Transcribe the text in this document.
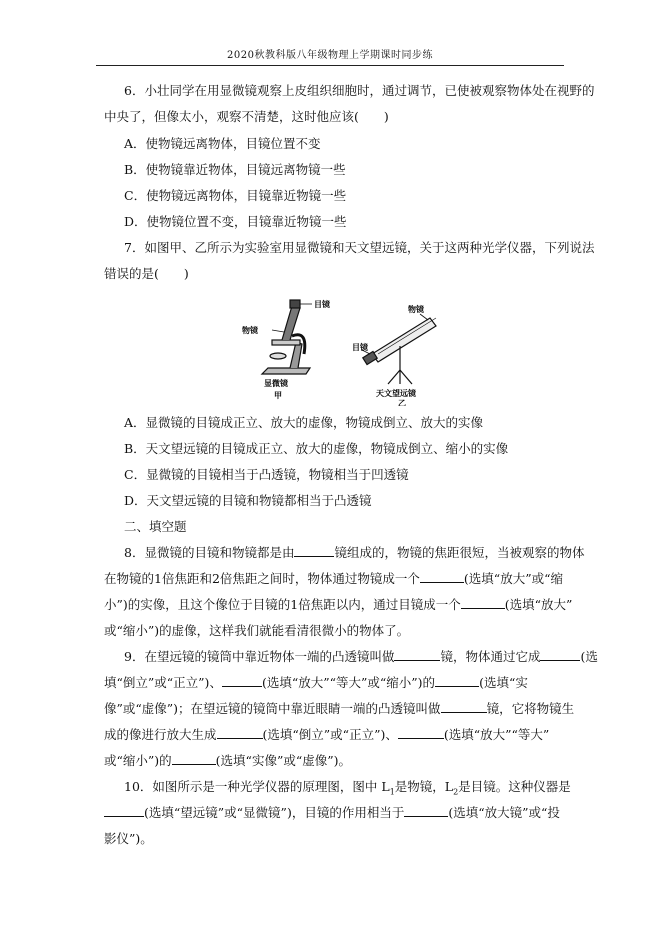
2020秋教科版八年级物理上学期课时同步练
6．小壮同学在用显微镜观察上皮组织细胞时，通过调节，已使被观察物体处在视野的
中央了，但像太小，观察不清楚，这时他应该(　　)
A．使物镜远离物体，目镜位置不变
B．使物镜靠近物体，目镜远离物镜一些
C．使物镜远离物体，目镜靠近物镜一些
D．使物镜位置不变，目镜靠近物镜一些
7．如图甲、乙所示为实验室用显微镜和天文望远镜，关于这两种光学仪器，下列说法
错误的是(　　)
目镜
物镜
显微镜
甲
物镜
目镜
天文望远镜
乙
A．显微镜的目镜成正立、放大的虚像，物镜成倒立、放大的实像
B．天文望远镜的目镜成正立、放大的虚像，物镜成倒立、缩小的实像
C．显微镜的目镜相当于凸透镜，物镜相当于凹透镜
D．天文望远镜的目镜和物镜都相当于凸透镜
二、填空题
8．显微镜的目镜和物镜都是由	镜组成的，物镜的焦距很短，当被观察的物体
在物镜的1倍焦距和2倍焦距之间时，物体通过物镜成一个	(选填“放大”或“缩
小”)的实像，且这个像位于目镜的1倍焦距以内，通过目镜成一个	(选填“放大”
或“缩小”)的虚像，这样我们就能看清很微小的物体了。
9．在望远镜的镜筒中靠近物体一端的凸透镜叫做	镜，物体通过它成	(选
填“倒立”或“正立”)、	(选填“放大”“等大”或“缩小”)的	(选填“实
像”或“虚像”)；在望远镜的镜筒中靠近眼睛一端的凸透镜叫做	镜，它将物镜生
成的像进行放大生成	(选填“倒立”或“正立”)、	(选填“放大”“等大”
或“缩小”)的	(选填“实像”或“虚像”)。
10．如图所示是一种光学仪器的原理图，图中 $L_1$是物镜，$L_2$是目镜。这种仪器是
(选填“望远镜”或“显微镜”)，目镜的作用相当于	(选填“放大镜”或“投
影仪”)。
